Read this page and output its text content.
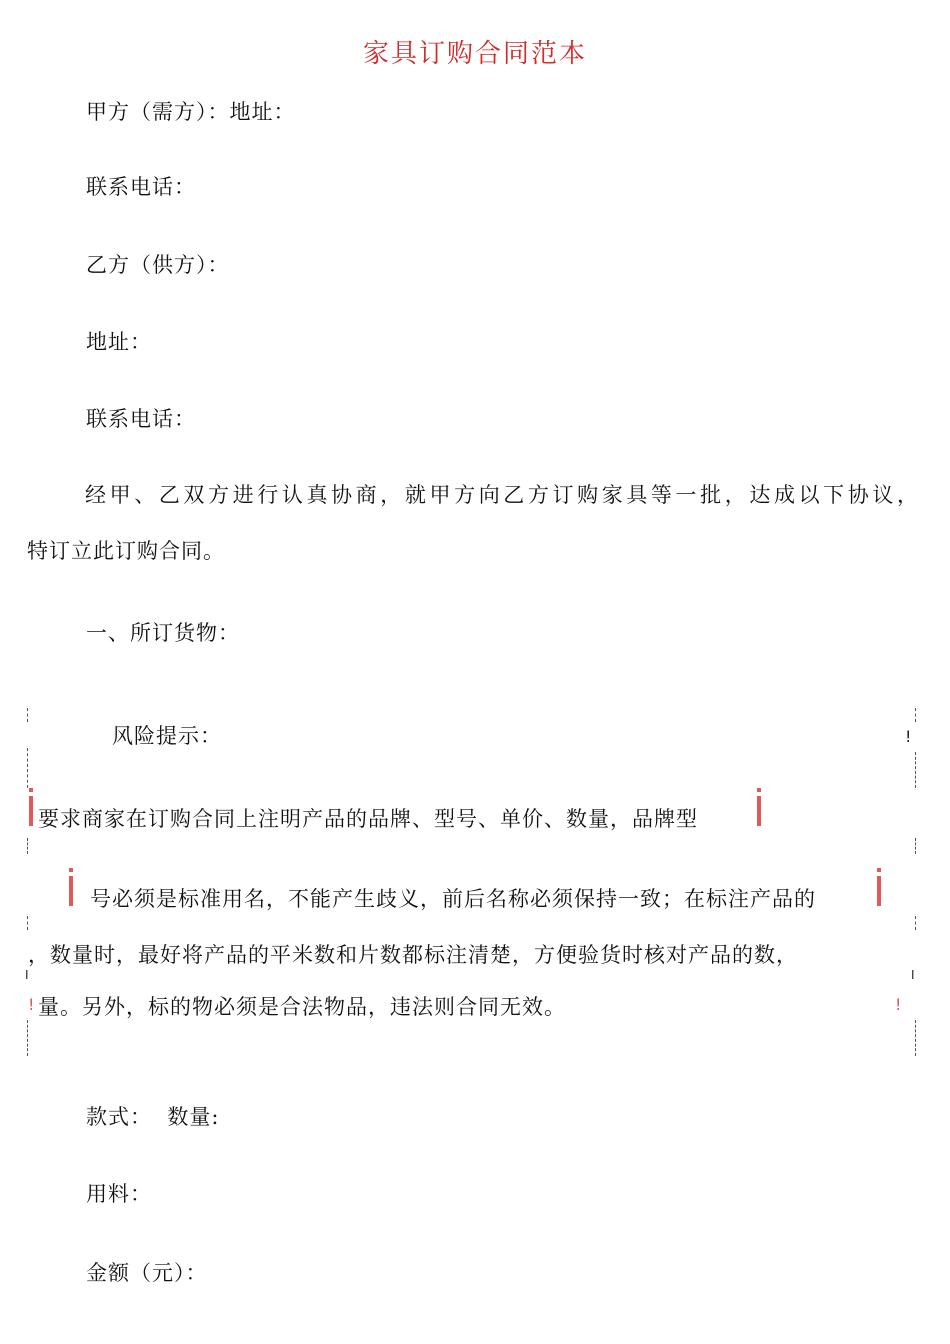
家具订购合同范本
甲方（需方）：地址：
联系电话：
乙方（供方）：
地址：
联系电话：
经甲、乙双方进行认真协商，就甲方向乙方订购家具等一批，达成以下协议，
特订立此订购合同。
一、所订货物：
!
I	I
!	!
风险提示：
要求商家在订购合同上注明产品的品牌、型号、单价、数量，品牌型
号必须是标准用名，不能产生歧义，前后名称必须保持一致；在标注产品的
，数量时，最好将产品的平米数和片数都标注清楚，方便验货时核对产品的数，
量。另外，标的物必须是合法物品，违法则合同无效。
款式：  数量:
用料：
金额（元）：
